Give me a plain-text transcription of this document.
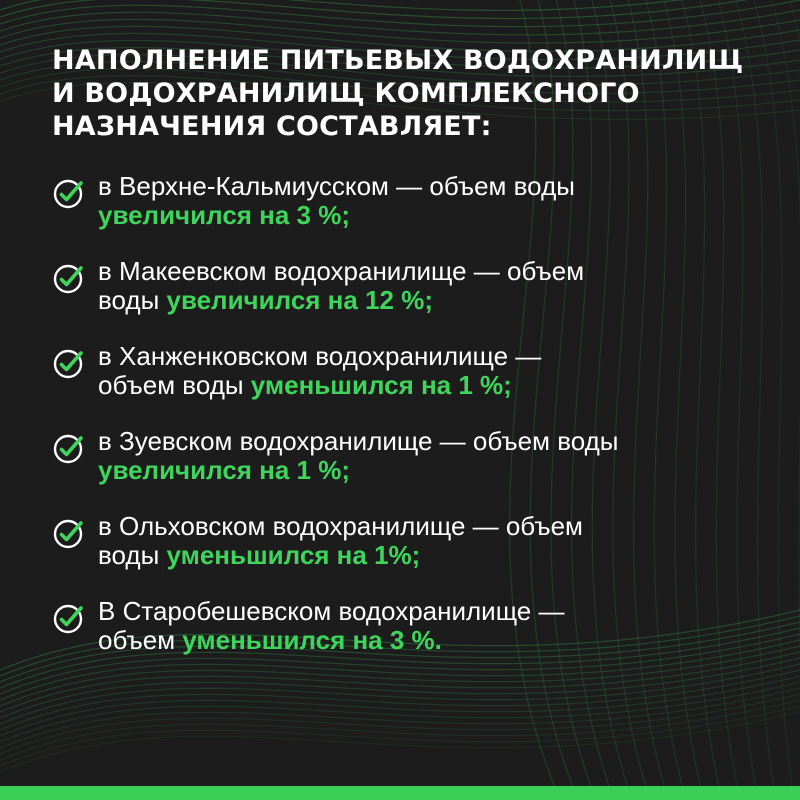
НАПОЛНЕНИЕ ПИТЬЕВЫХ ВОДОХРАНИЛИЩ
И ВОДОХРАНИЛИЩ КОМПЛЕКСНОГО
НАЗНАЧЕНИЯ СОСТАВЛЯЕТ:
в Верхне-Кальмиусском — объем воды
увеличился на 3 %;
в Макеевском водохранилище — объем
воды увеличился на 12 %;
в Ханженковском водохранилище —
объем воды уменьшился на 1 %;
в Зуевском водохранилище — объем воды
увеличился на 1 %;
в Ольховском водохранилище — объем
воды уменьшился на 1%;
В Старобешевском водохранилище —
объем уменьшился на 3 %.
